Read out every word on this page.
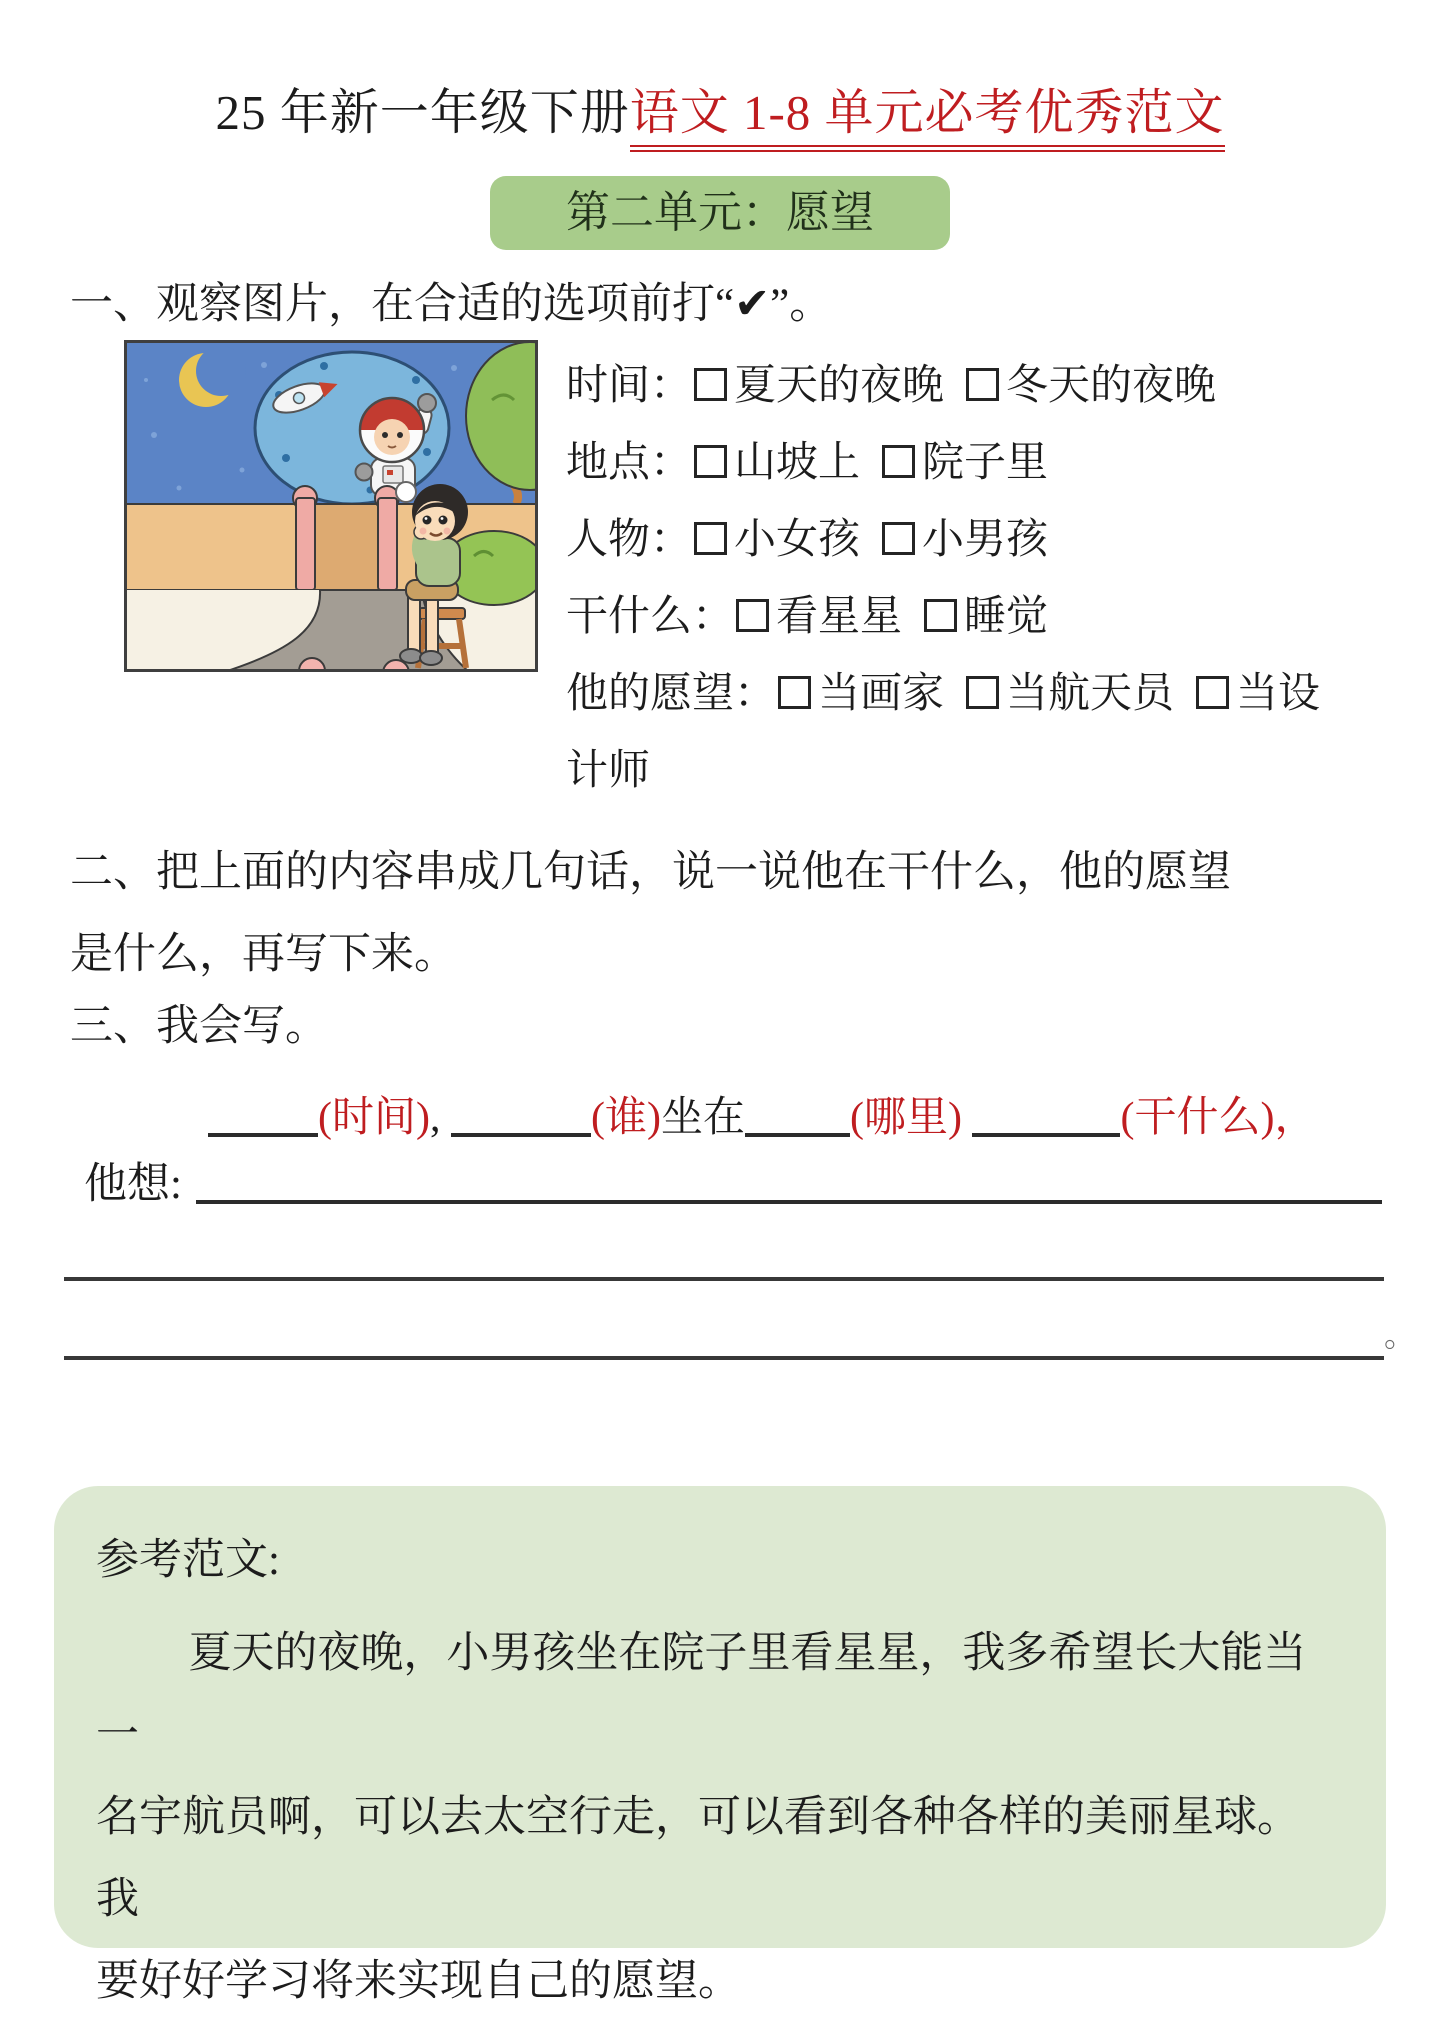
25 年新一年级下册语文 1-8 单元必考优秀范文
第二单元：愿望
一、观察图片，在合适的选项前打“✔”。

时间： 夏天的夜晚 冬天的夜晚

地点： 山坡上 院子里

人物： 小女孩 小男孩

干什么： 看星星 睡觉

他的愿望： 当画家 当航天员 当设计师

二、把上面的内容串成几句话，说一说他在干什么，他的愿望

是什么，再写下来。

三、我会写。
(时间),	(谁)坐在	(哪里)	(干什么)，
他想:
。

参考范文:

夏天的夜晚，小男孩坐在院子里看星星，我多希望长大能当一

名宇航员啊，可以去太空行走，可以看到各种各样的美丽星球。我

要好好学习将来实现自己的愿望。
